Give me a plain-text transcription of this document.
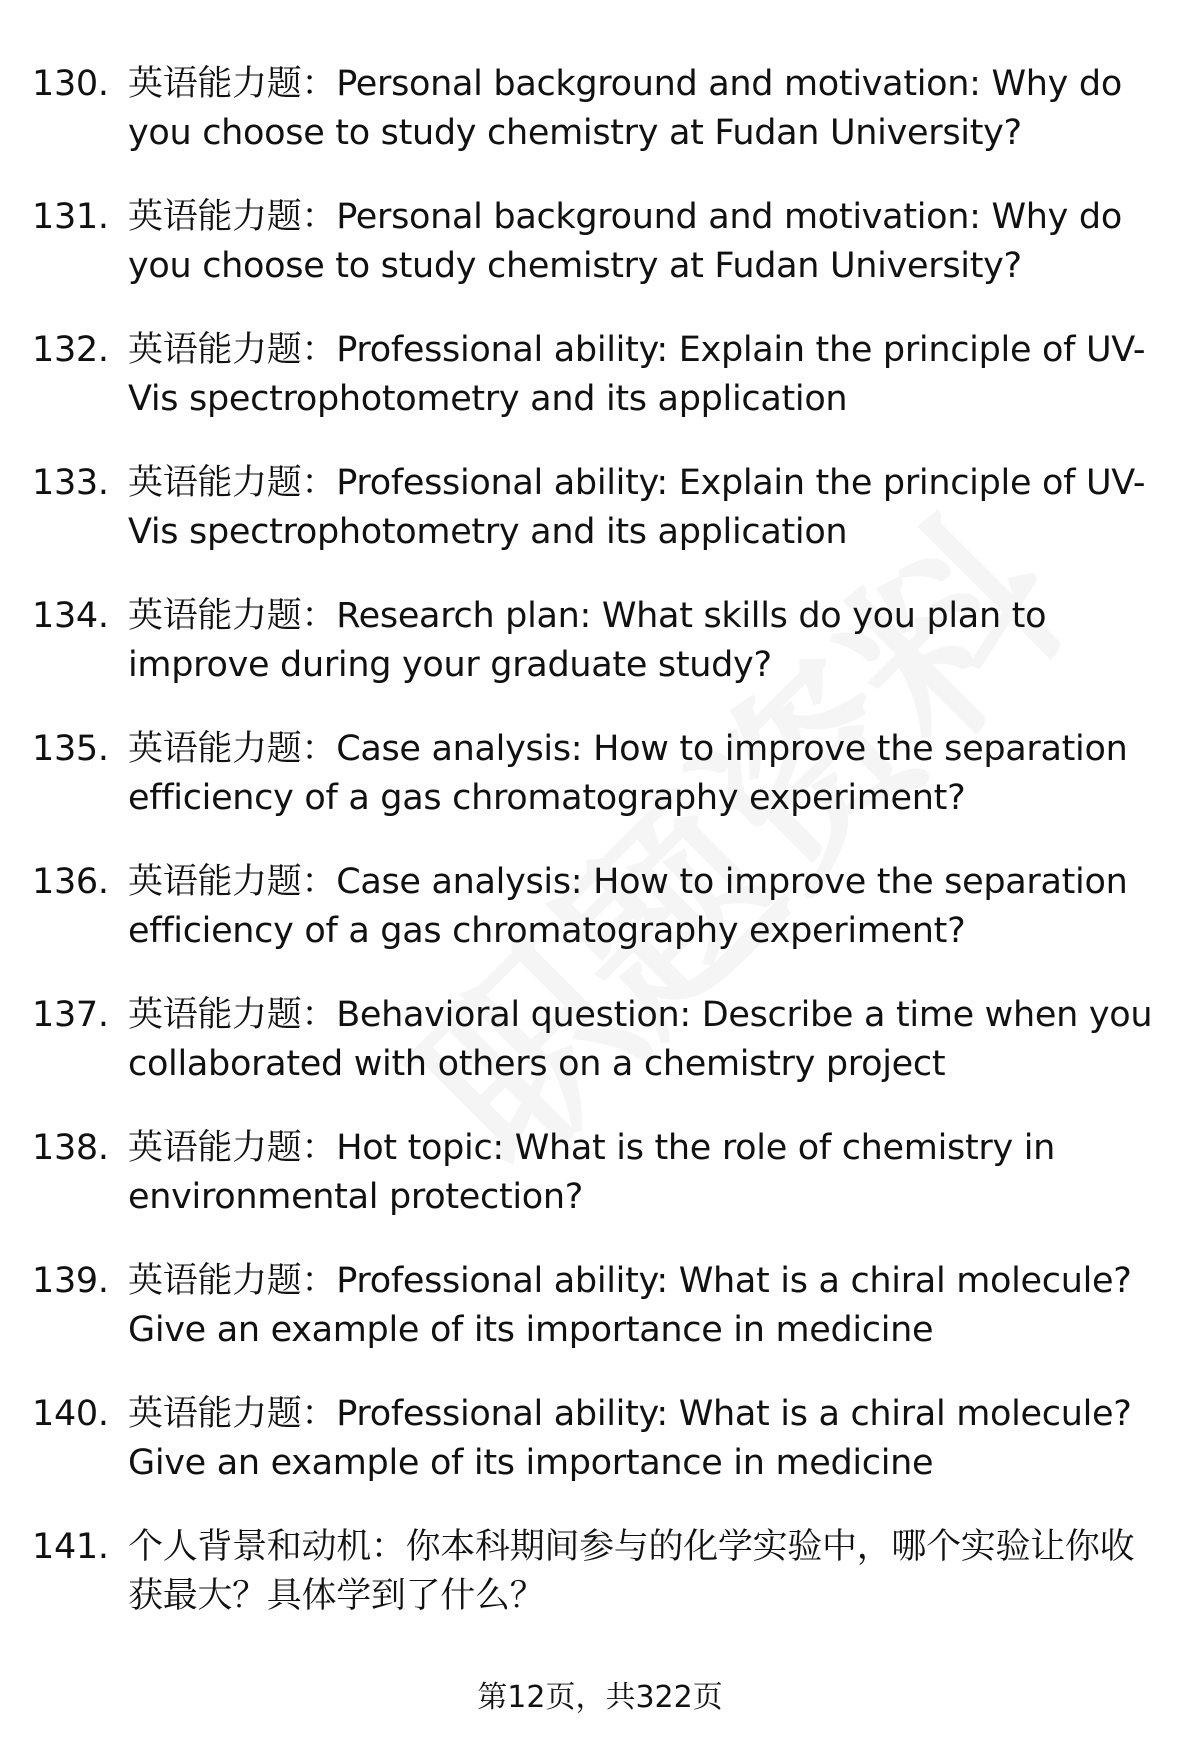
130. 英语能力题：Personal background and motivation: Why do you choose to study chemistry at Fudan University?
131. 英语能力题：Personal background and motivation: Why do you choose to study chemistry at Fudan University?
132. 英语能力题：Professional ability: Explain the principle of UV-Vis spectrophotometry and its application
133. 英语能力题：Professional ability: Explain the principle of UV-Vis spectrophotometry and its application
134. 英语能力题：Research plan: What skills do you plan to improve during your graduate study?
135. 英语能力题：Case analysis: How to improve the separation efficiency of a gas chromatography experiment?
136. 英语能力题：Case analysis: How to improve the separation efficiency of a gas chromatography experiment?
137. 英语能力题：Behavioral question: Describe a time when you collaborated with others on a chemistry project
138. 英语能力题：Hot topic: What is the role of chemistry in environmental protection?
139. 英语能力题：Professional ability: What is a chiral molecule? Give an example of its importance in medicine
140. 英语能力题：Professional ability: What is a chiral molecule? Give an example of its importance in medicine
141. 个人背景和动机：你本科期间参与的化学实验中，哪个实验让你收获最大？具体学到了什么？
第12页，共322页
